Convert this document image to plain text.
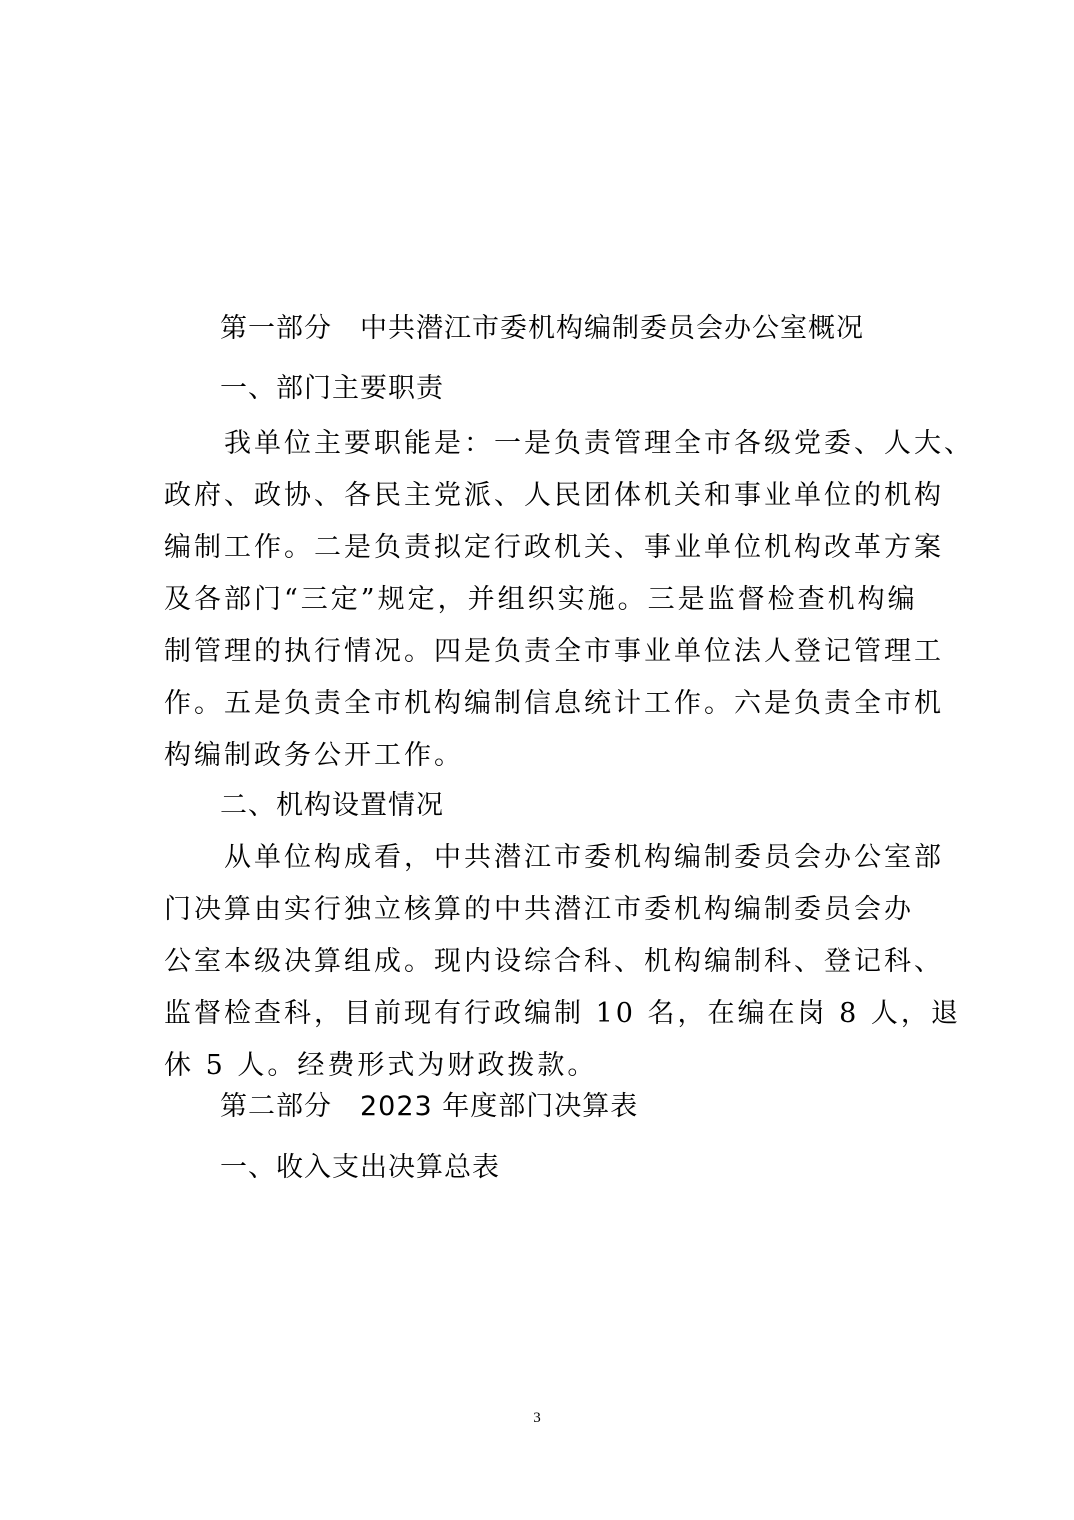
第一部分　中共潜江市委机构编制委员会办公室概况
一、部门主要职责
　　我单位主要职能是：一是负责管理全市各级党委、人大、
政府、政协、各民主党派、人民团体机关和事业单位的机构
编制工作。二是负责拟定行政机关、事业单位机构改革方案
及各部门“三定”规定，并组织实施。三是监督检查机构编
制管理的执行情况。四是负责全市事业单位法人登记管理工
作。五是负责全市机构编制信息统计工作。六是负责全市机
构编制政务公开工作。
二、机构设置情况
　　从单位构成看，中共潜江市委机构编制委员会办公室部
门决算由实行独立核算的中共潜江市委机构编制委员会办
公室本级决算组成。现内设综合科、机构编制科、登记科、
监督检查科，目前现有行政编制 10 名，在编在岗 8 人，退
休 5 人。经费形式为财政拨款。
第二部分　2023 年度部门决算表
一、收入支出决算总表
3
